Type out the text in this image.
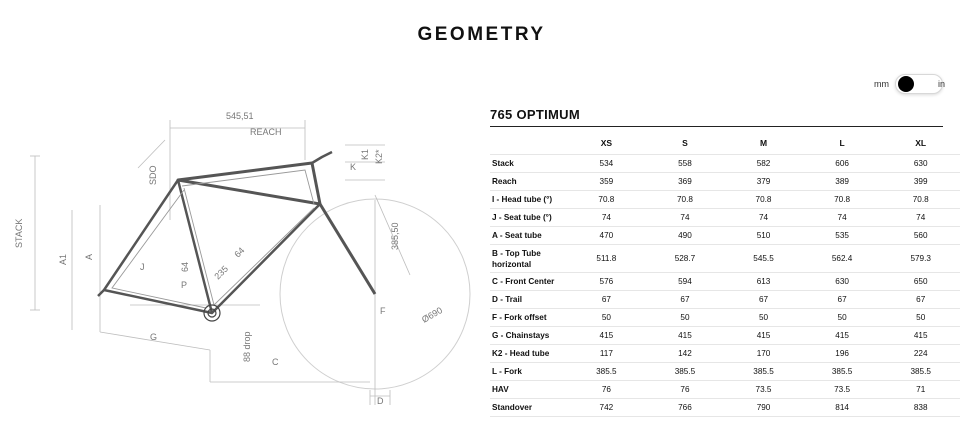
GEOMETRY
mm	in
545,51
REACH
STACK
A1 A
J
G
C
D
F
K
K1 K2*
385,50
Ø690
88 drop
SDO
P
64 235
64
765 OPTIMUM
	XS	S	M	L	XL
Stack	534	558	582	606	630
Reach	359	369	379	389	399
I - Head tube (°)	70.8	70.8	70.8	70.8	70.8
J - Seat tube (°)	74	74	74	74	74
A - Seat tube	470	490	510	535	560
B - Top Tube horizontal	511.8	528.7	545.5	562.4	579.3
C - Front Center	576	594	613	630	650
D - Trail	67	67	67	67	67
F - Fork offset	50	50	50	50	50
G - Chainstays	415	415	415	415	415
K2 - Head tube	117	142	170	196	224
L - Fork	385.5	385.5	385.5	385.5	385.5
HAV	76	76	73.5	73.5	71
Standover	742	766	790	814	838
